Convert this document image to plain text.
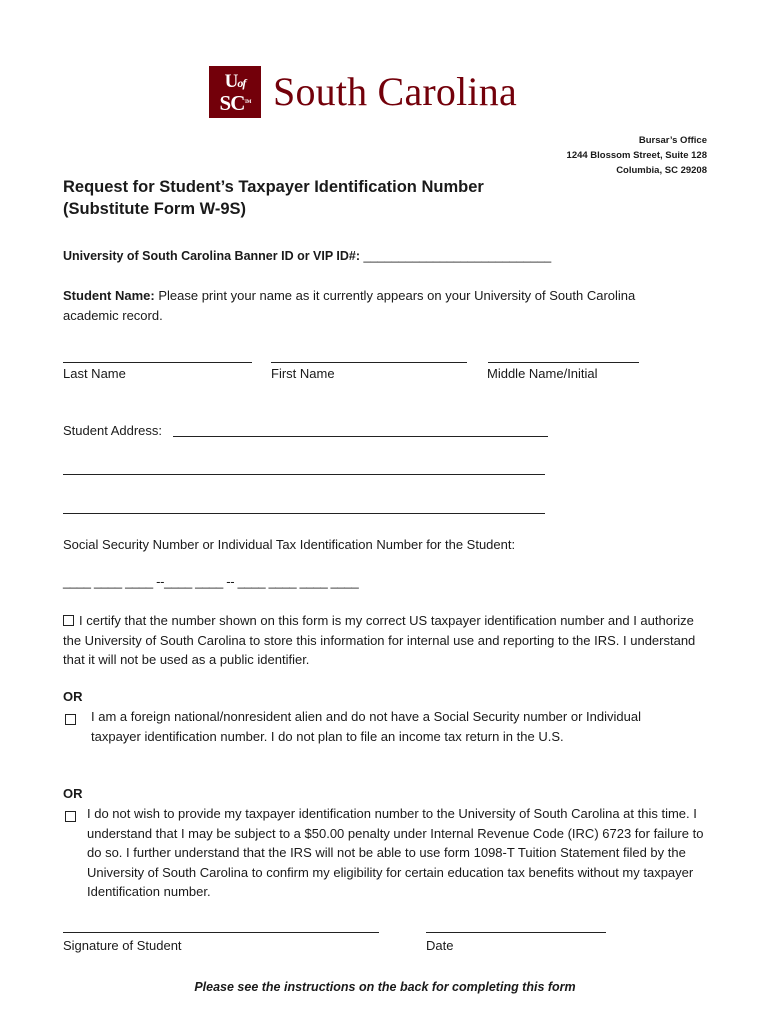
Uof
SCTM South Carolina
Bursar’s Office
1244 Blossom Street, Suite 128
Columbia, SC 29208
Request for Student’s Taxpayer Identification Number
(Substitute Form W-9S)
University of South Carolina Banner ID or VIP ID#: ___________________________
Student Name: Please print your name as it currently appears on your University of South Carolina academic record.
Last Name	First Name	Middle Name/Initial
Student Address:
Social Security Number or Individual Tax Identification Number for the Student:
____ ____ ____ --____ ____ -- ____ ____ ____ ____
I certify that the number shown on this form is my correct US taxpayer identification number and I authorize the University of South Carolina to store this information for internal use and reporting to the IRS. I understand that it will not be used as a public identifier.
OR
I am a foreign national/nonresident alien and do not have a Social Security number or Individual taxpayer identification number. I do not plan to file an income tax return in the U.S.
OR
I do not wish to provide my taxpayer identification number to the University of South Carolina at this time. I understand that I may be subject to a $50.00 penalty under Internal Revenue Code (IRC) 6723 for failure to do so. I further understand that the IRS will not be able to use form 1098-T Tuition Statement filed by the University of South Carolina to confirm my eligibility for certain education tax benefits without my taxpayer Identification number.
Signature of Student	Date
Please see the instructions on the back for completing this form
